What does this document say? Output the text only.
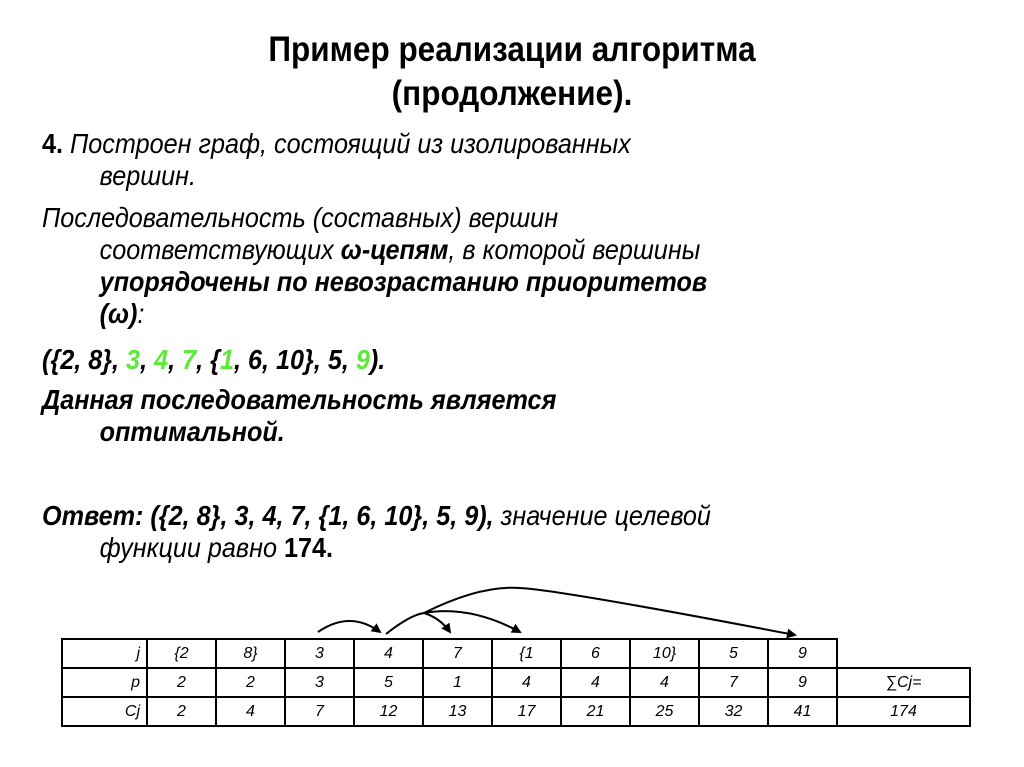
Пример реализации алгоритма
(продолжение).
4. Построен граф, состоящий из изолированных
вершин.
Последовательность (составных) вершин
соответствующих ω-цепям, в которой вершины
упорядочены по невозрастанию приоритетов
(ω):
({2, 8}, 3, 4, 7, {1, 6, 10}, 5, 9).
Данная последовательность является
оптимальной.
Ответ: ({2, 8}, 3, 4, 7, {1, 6, 10}, 5, 9), значение целевой
функции равно 174.
j	{2	8}	3	4	7	{1	6	10}	5	9	
p	2	2	3	5	1	4	4	4	7	9	∑Cj=
Cj	2	4	7	12	13	17	21	25	32	41	174
